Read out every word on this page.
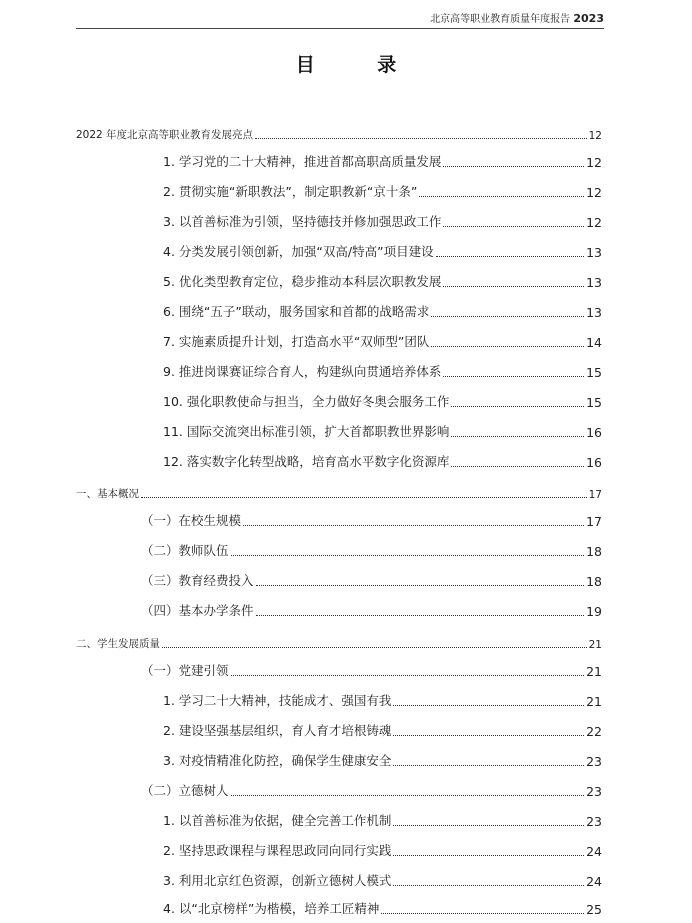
北京高等职业教育质量年度报告 2023
目 录
2022 年度北京高等职业教育发展亮点	12
1. 学习党的二十大精神，推进首都高职高质量发展	12
2. 贯彻实施“新职教法”，制定职教新“京十条”	12
3. 以首善标准为引领，坚持德技并修加强思政工作	12
4. 分类发展引领创新，加强“双高/特高”项目建设	13
5. 优化类型教育定位，稳步推动本科层次职教发展	13
6. 围绕“五子”联动，服务国家和首都的战略需求	13
7. 实施素质提升计划，打造高水平“双师型”团队	14
9. 推进岗课赛证综合育人，构建纵向贯通培养体系	15
10. 强化职教使命与担当，全力做好冬奥会服务工作	15
11. 国际交流突出标准引领，扩大首都职教世界影响	16
12. 落实数字化转型战略，培育高水平数字化资源库	16
一、基本概况	17
（一）在校生规模	17
（二）教师队伍	18
（三）教育经费投入	18
（四）基本办学条件	19
二、学生发展质量	21
（一）党建引领	21
1. 学习二十大精神，技能成才、强国有我	21
2. 建设坚强基层组织，育人育才培根铸魂	22
3. 对疫情精准化防控，确保学生健康安全	23
（二）立德树人	23
1. 以首善标准为依据，健全完善工作机制	23
2. 坚持思政课程与课程思政同向同行实践	24
3. 利用北京红色资源，创新立德树人模式	24
4. 以“北京榜样”为楷模，培养工匠精神	25
